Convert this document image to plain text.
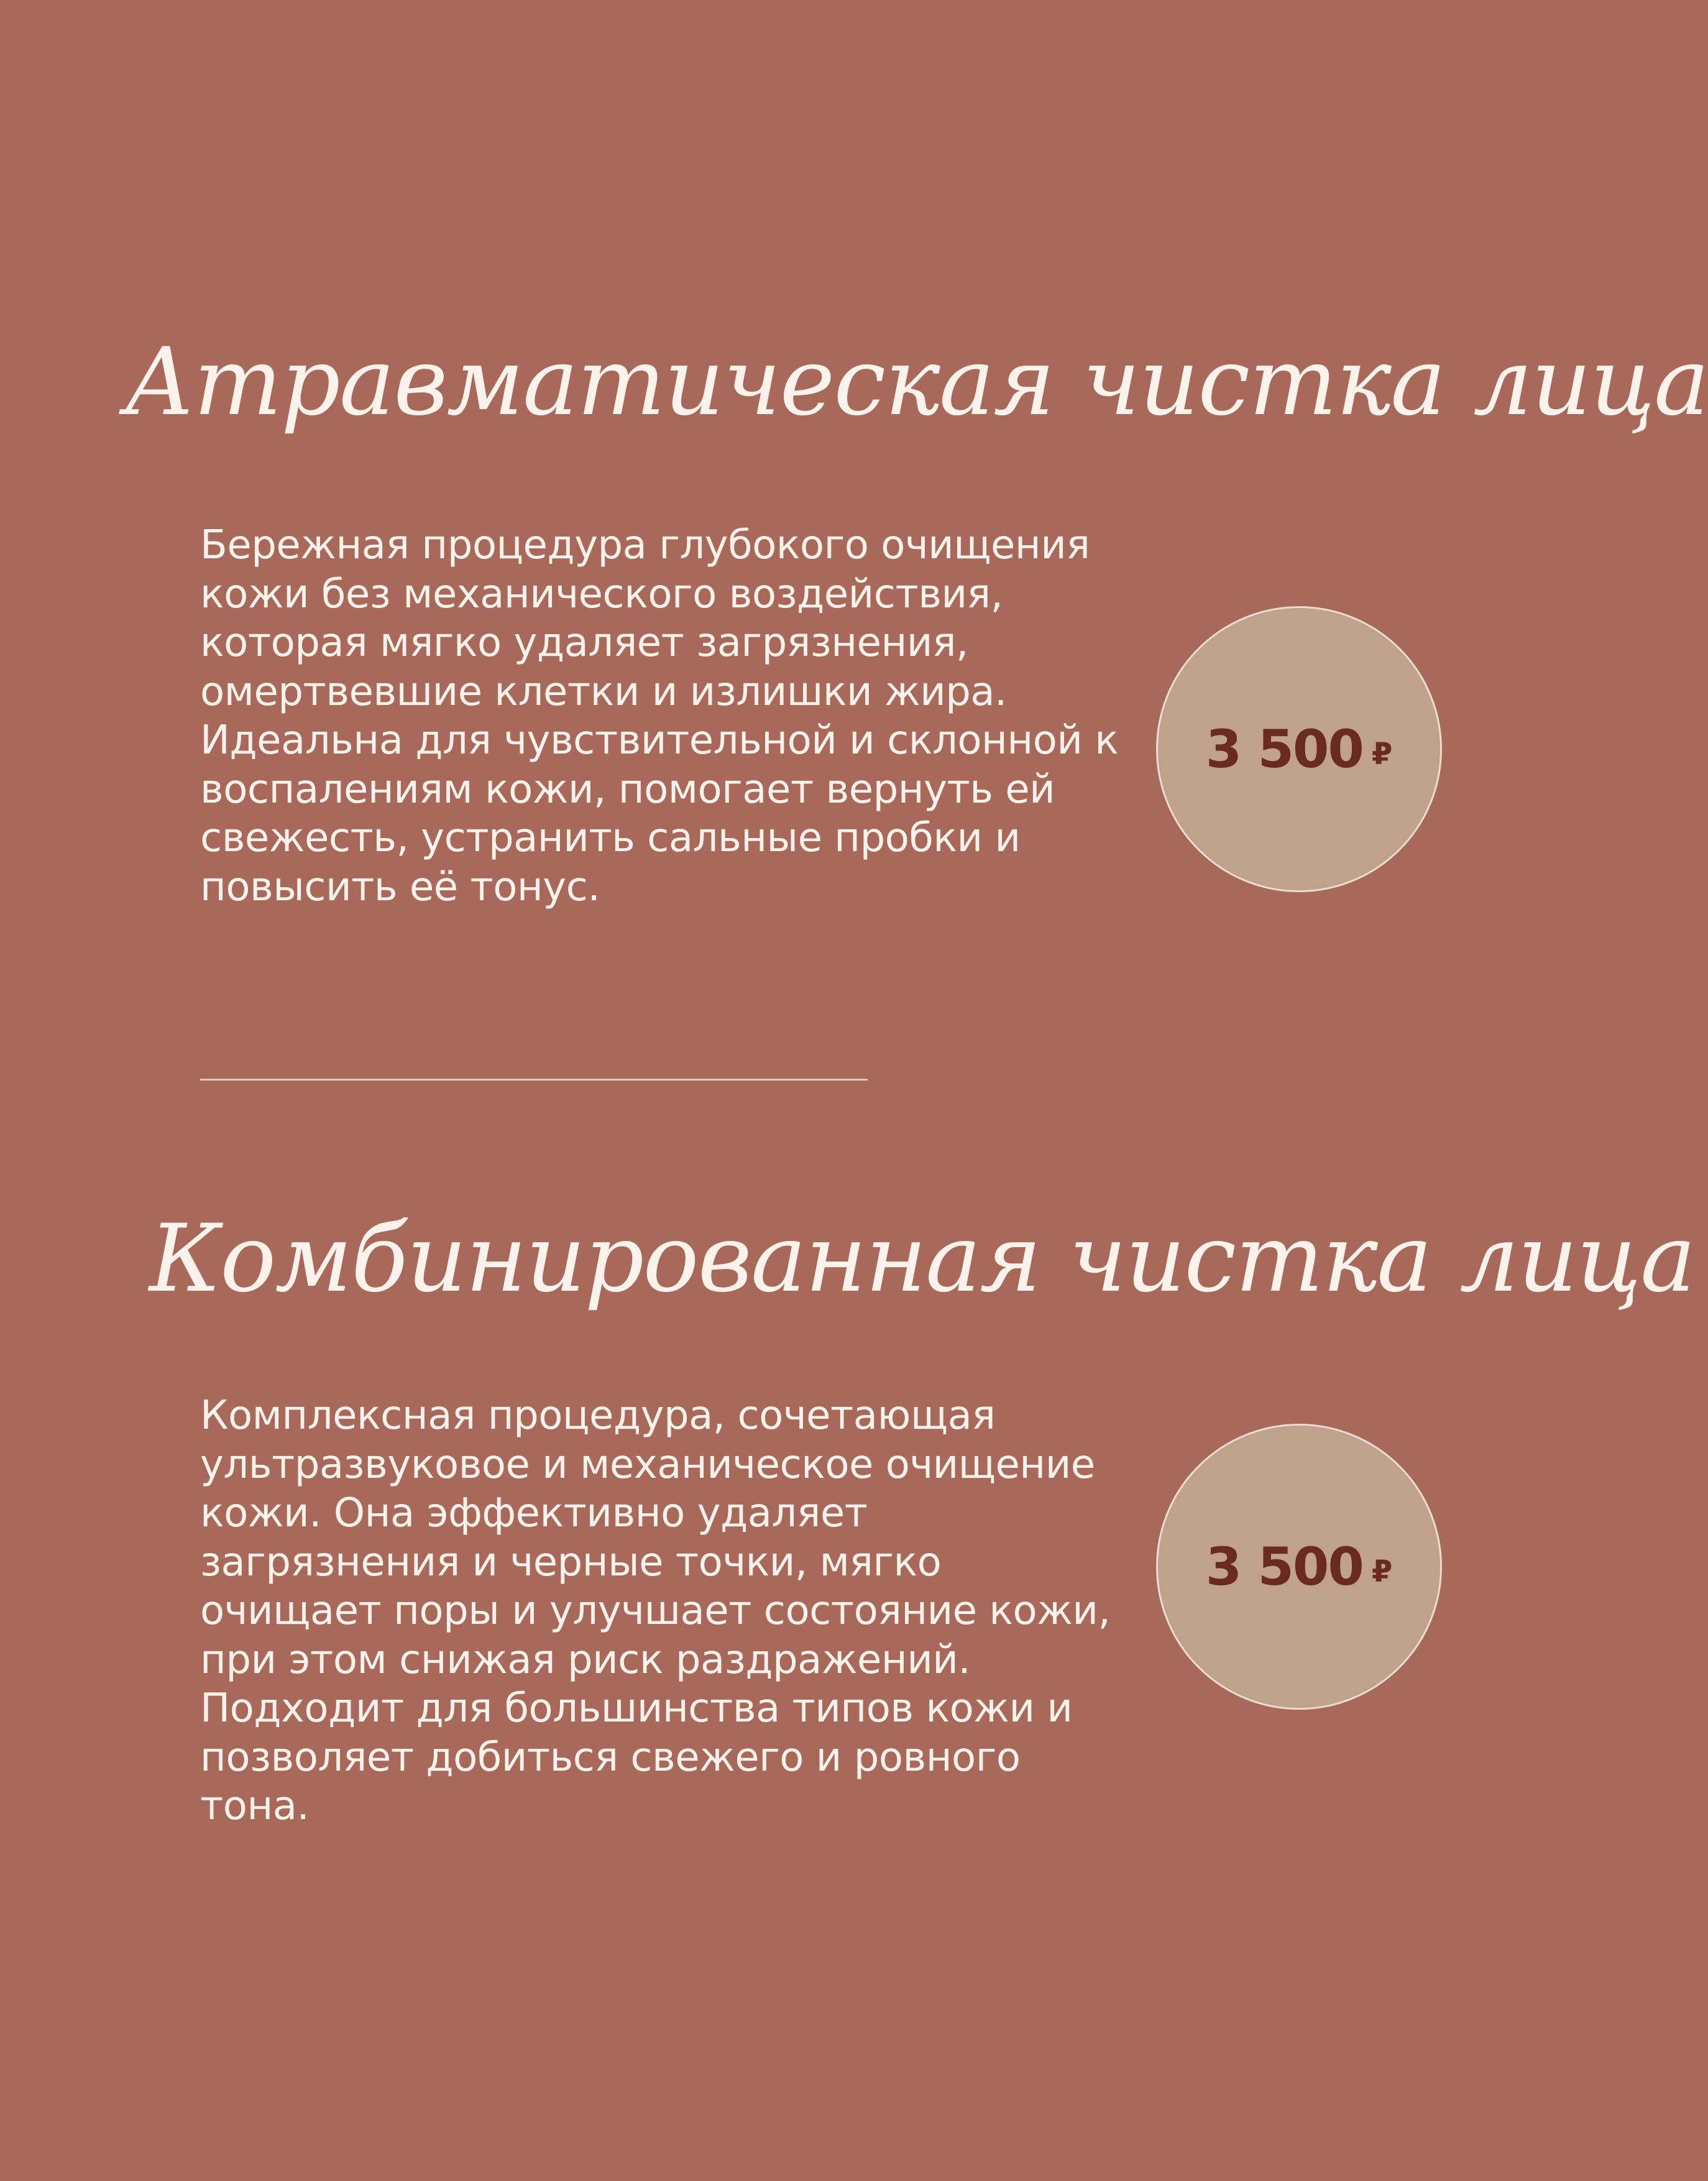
Атравматическая чистка лица

Бережная процедура глубокого очищения кожи без механического воздействия, которая мягко удаляет загрязнения, омертвевшие клетки и излишки жира. Идеальна для чувствительной и склонной к воспалениям кожи, помогает вернуть ей свежесть, устранить сальные пробки и повысить её тонус.

3 500 ₽
Комбинированная чистка лица

Комплексная процедура, сочетающая ультразвуковое и механическое очищение кожи. Она эффективно удаляет загрязнения и черные точки, мягко очищает поры и улучшает состояние кожи, при этом снижая риск раздражений. Подходит для большинства типов кожи и позволяет добиться свежего и ровного тона.

3 500 ₽
